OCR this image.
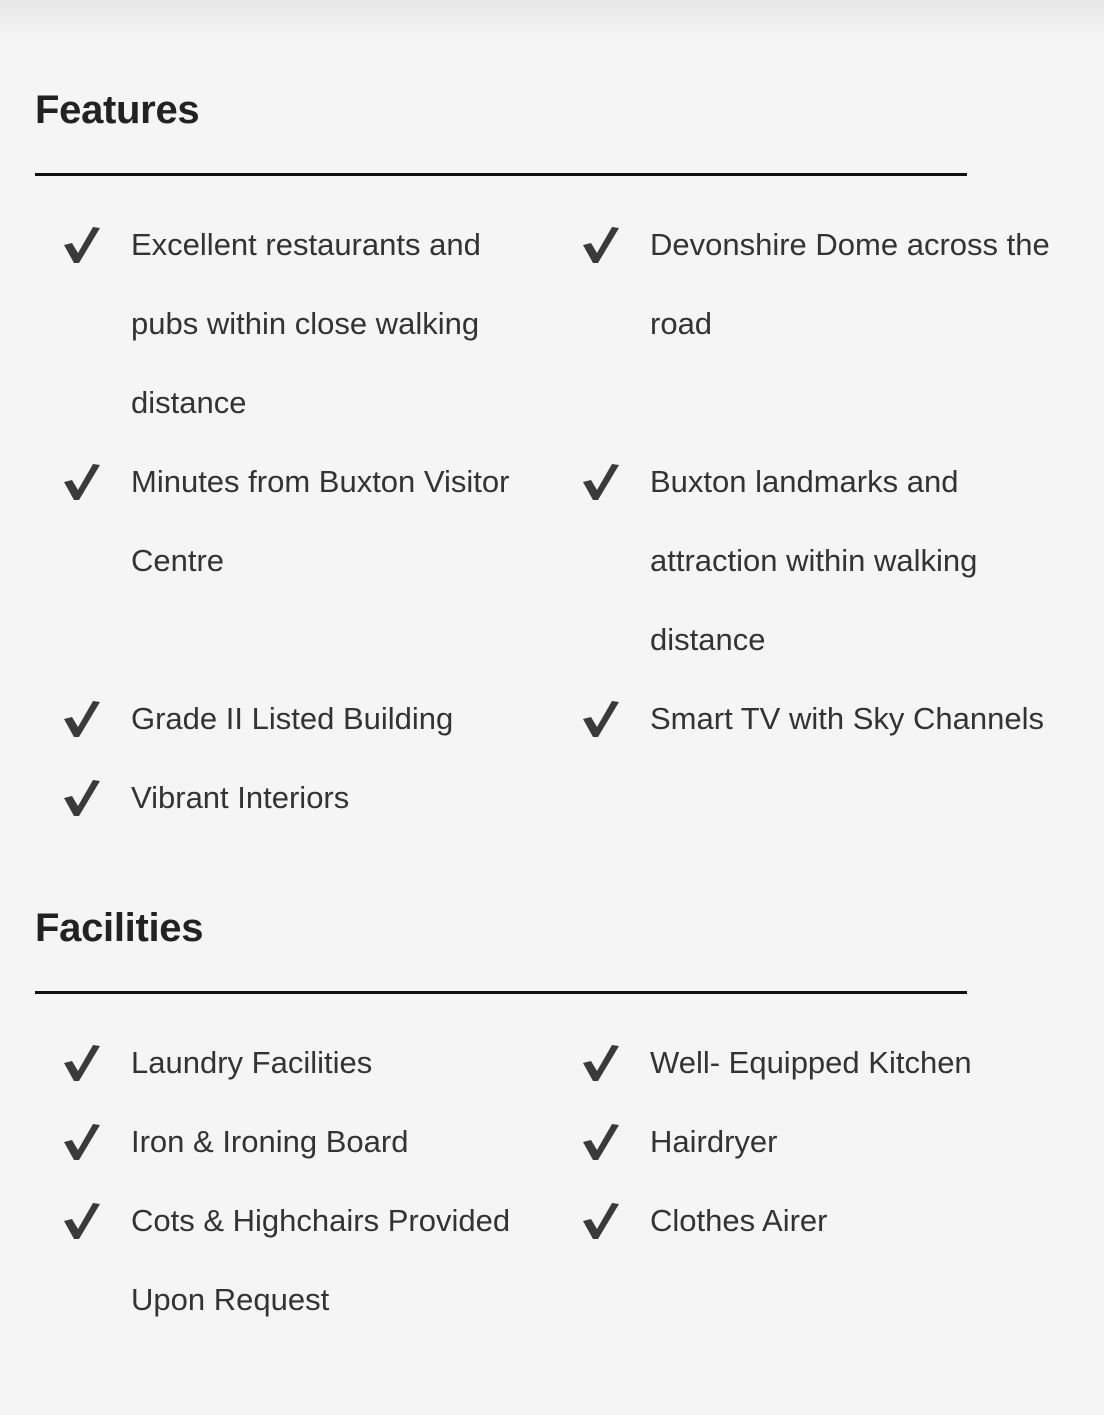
Features
Excellent restaurants and pubs within close walking distance
Devonshire Dome across the road
Minutes from Buxton Visitor Centre
Buxton landmarks and attraction within walking distance
Grade II Listed Building	Smart TV with Sky Channels
Vibrant Interiors
Facilities
Laundry Facilities	Well- Equipped Kitchen
Iron & Ironing Board	Hairdryer
Cots & Highchairs Provided Upon Request
Clothes Airer
